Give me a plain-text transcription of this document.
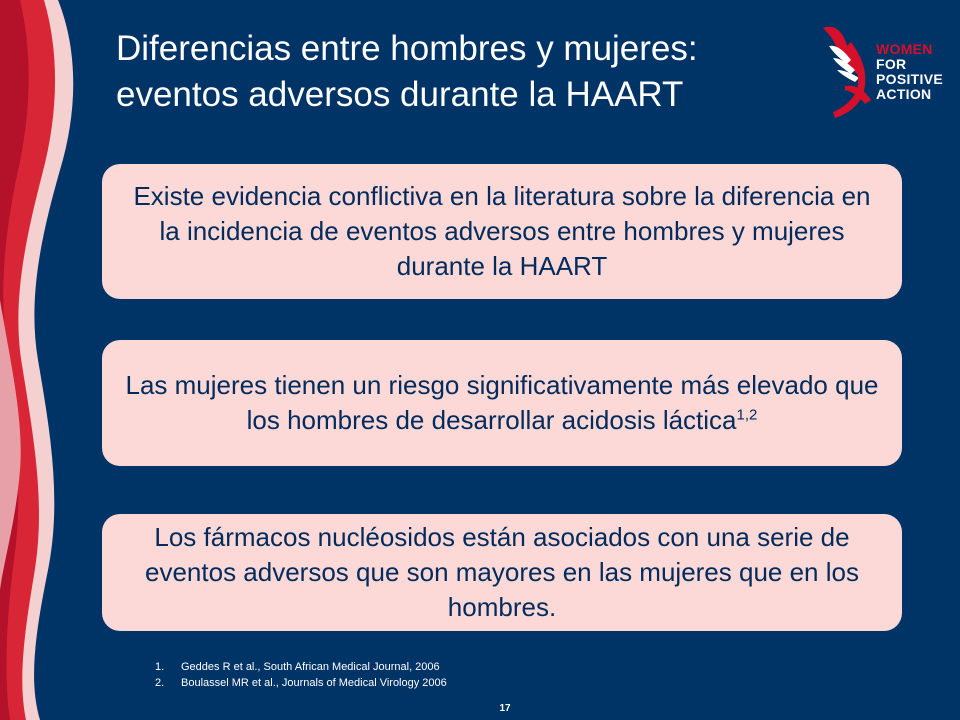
Diferencias entre hombres y mujeres:
eventos adversos durante la HAART
WOMEN
FOR
POSITIVE
ACTION
Existe evidencia conflictiva en la literatura sobre la diferencia en la incidencia de eventos adversos entre hombres y mujeres durante la HAART
Las mujeres tienen un riesgo significativamente más elevado que los hombres de desarrollar acidosis láctica$^{1,2}$
Los fármacos nucléosidos están asociados con una serie de eventos adversos que son mayores en las mujeres que en los hombres.
1. Geddes R et al., South African Medical Journal, 2006
2. Boulassel MR et al., Journals of Medical Virology 2006
17
